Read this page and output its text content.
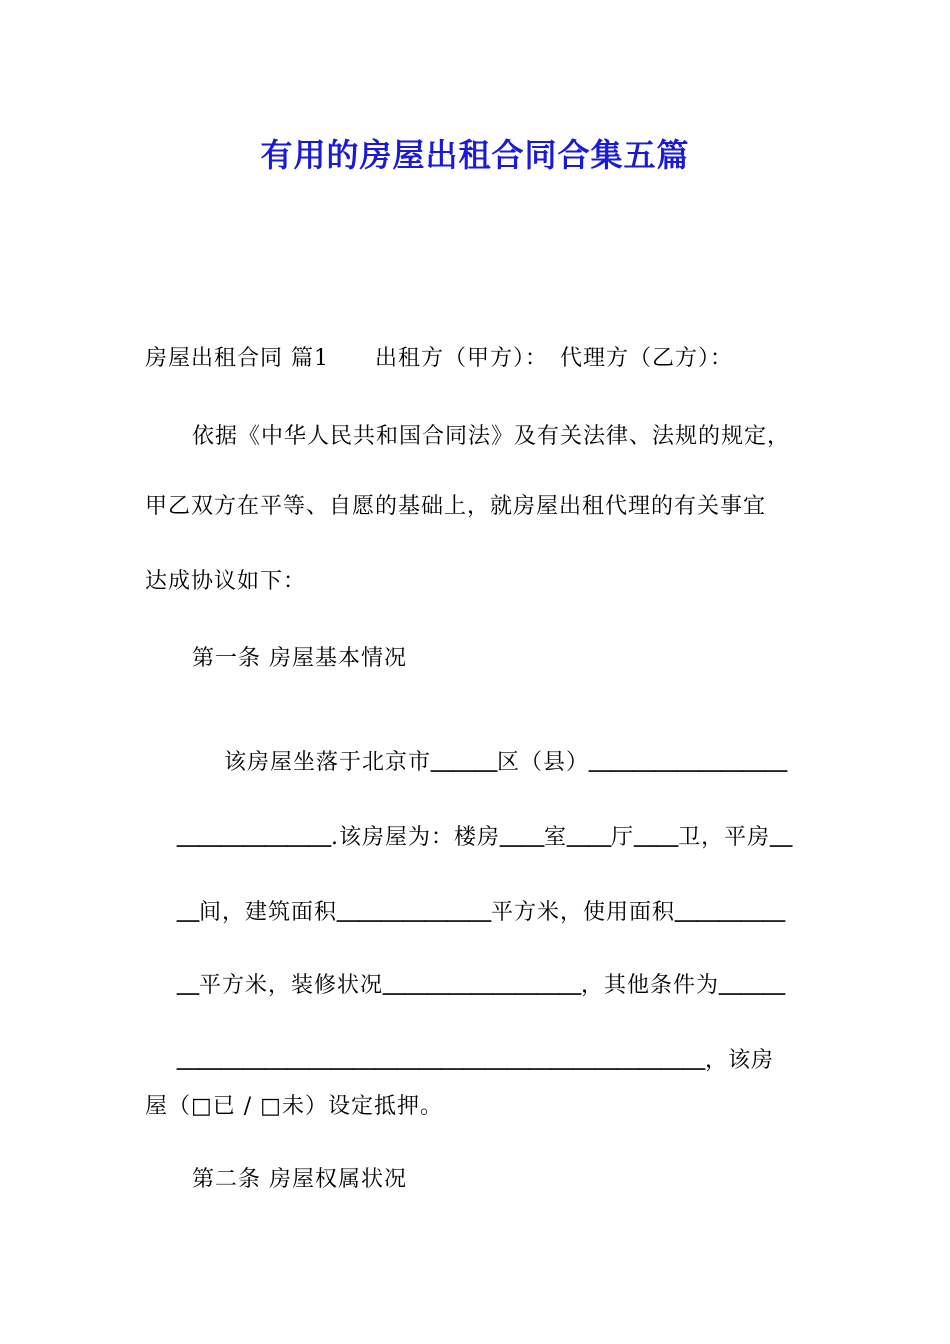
有用的房屋出租合同合集五篇
房屋出租合同 篇1　　出租方（甲方）：　代理方（乙方）：
依据《中华人民共和国合同法》及有关法律、法规的规定，
甲乙双方在平等、自愿的基础上，就房屋出租代理的有关事宜
达成协议如下：
第一条 房屋基本情况

该房屋坐落于北京市＿＿＿区（县）＿＿＿＿＿＿＿＿＿

＿＿＿＿＿＿＿.该房屋为：楼房＿＿室＿＿厅＿＿卫，平房＿

＿间，建筑面积＿＿＿＿＿＿＿平方米，使用面积＿＿＿＿＿

＿平方米，装修状况＿＿＿＿＿＿＿＿＿，其他条件为＿＿＿

＿＿＿＿＿＿＿＿＿＿＿＿＿＿＿＿＿＿＿＿＿＿＿＿，该房

屋（□已 / □未）设定抵押。
第二条 房屋权属状况
